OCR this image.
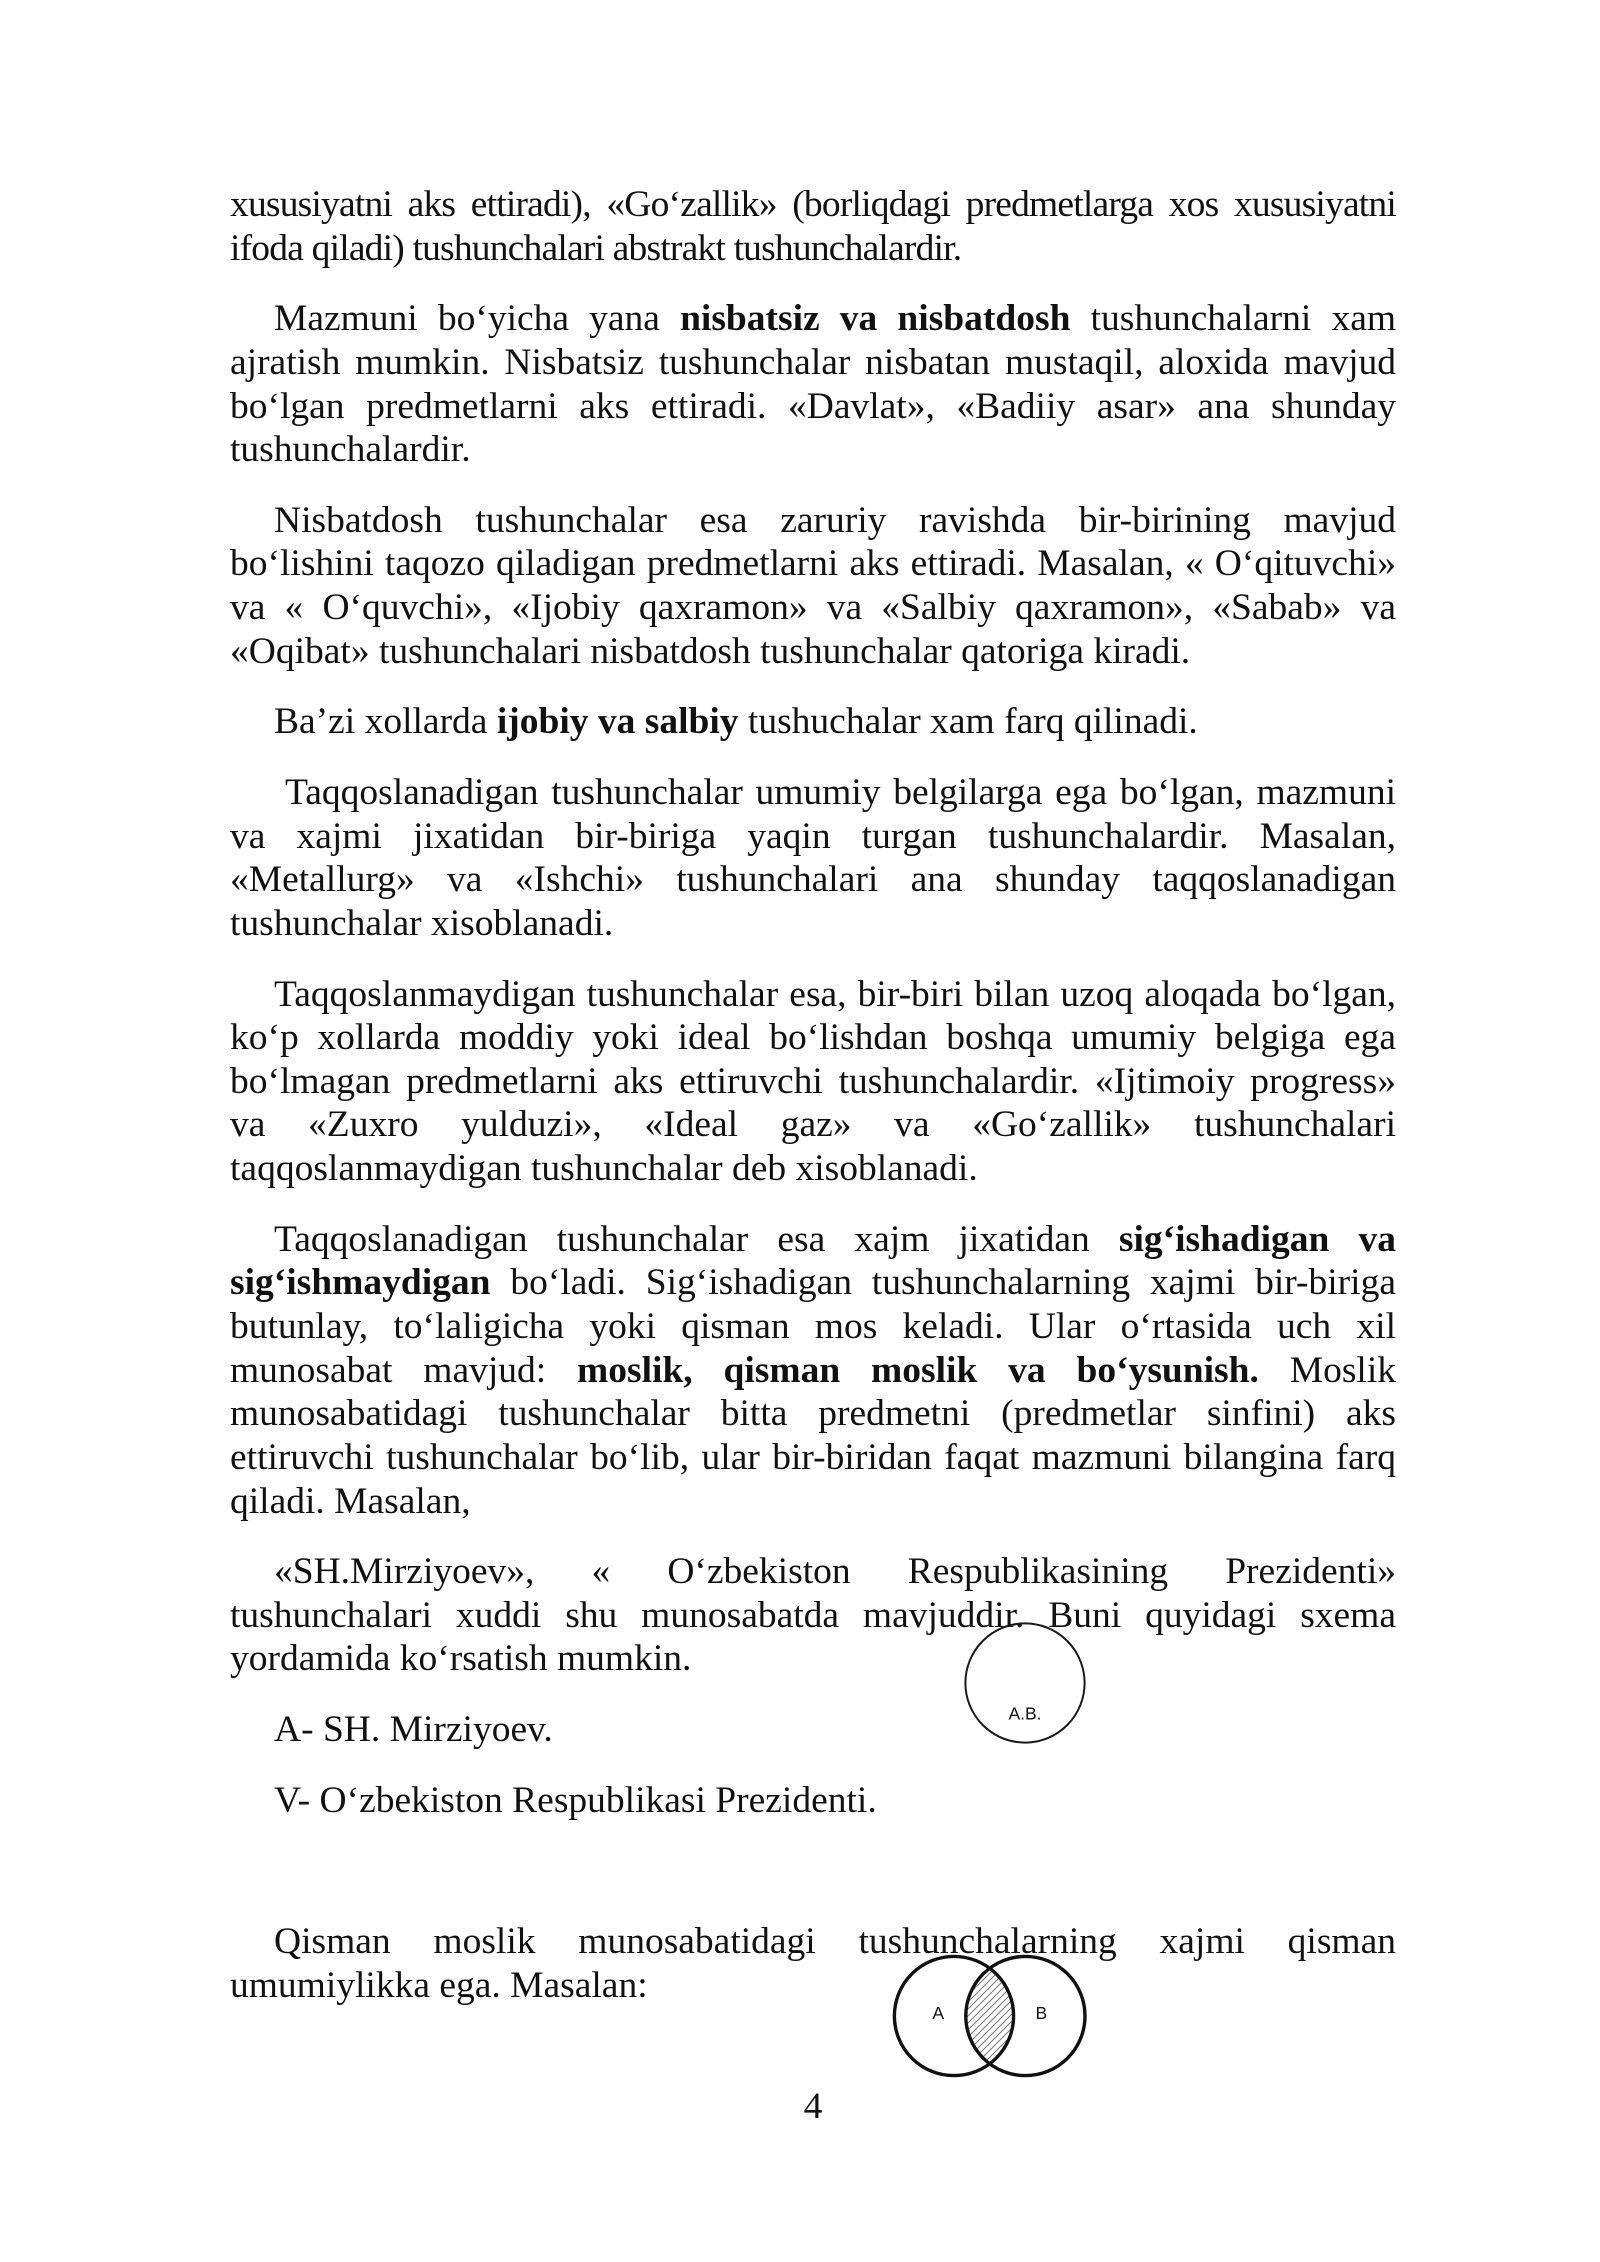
xususiyatni aks ettiradi), «Go‘zallik» (borliqdagi predmetlarga xos xususiyatni
ifoda qiladi) tushunchalari abstrakt tushunchalardir.
Mazmuni bo‘yicha yana nisbatsiz va nisbatdosh tushunchalarni xam
ajratish mumkin. Nisbatsiz tushunchalar nisbatan mustaqil, aloxida mavjud
bo‘lgan predmetlarni aks ettiradi. «Davlat», «Badiiy asar» ana shunday
tushunchalardir.
Nisbatdosh tushunchalar esa zaruriy ravishda bir-birining mavjud
bo‘lishini taqozo qiladigan predmetlarni aks ettiradi. Masalan, « O‘qituvchi»
va « O‘quvchi», «Ijobiy qaxramon» va «Salbiy qaxramon», «Sabab» va
«Oqibat» tushunchalari nisbatdosh tushunchalar qatoriga kiradi.
Ba’zi xollarda ijobiy va salbiy tushuchalar xam farq qilinadi.
Taqqoslanadigan tushunchalar umumiy belgilarga ega bo‘lgan, mazmuni
va xajmi jixatidan bir-biriga yaqin turgan tushunchalardir. Masalan,
«Metallurg» va «Ishchi» tushunchalari ana shunday taqqoslanadigan
tushunchalar xisoblanadi.
Taqqoslanmaydigan tushunchalar esa, bir-biri bilan uzoq aloqada bo‘lgan,
ko‘p xollarda moddiy yoki ideal bo‘lishdan boshqa umumiy belgiga ega
bo‘lmagan predmetlarni aks ettiruvchi tushunchalardir. «Ijtimoiy progress»
va «Zuxro yulduzi», «Ideal gaz» va «Go‘zallik» tushunchalari
taqqoslanmaydigan tushunchalar deb xisoblanadi.
Taqqoslanadigan tushunchalar esa xajm jixatidan sig‘ishadigan va
sig‘ishmaydigan bo‘ladi. Sig‘ishadigan tushunchalarning xajmi bir-biriga
butunlay, to‘laligicha yoki qisman mos keladi. Ular o‘rtasida uch xil
munosabat mavjud: moslik, qisman moslik va bo‘ysunish. Moslik
munosabatidagi tushunchalar bitta predmetni (predmetlar sinfini) aks
ettiruvchi tushunchalar bo‘lib, ular bir-biridan faqat mazmuni bilangina farq
qiladi. Masalan,
«SH.Mirziyoev», « O‘zbekiston Respublikasining Prezidenti»
tushunchalari xuddi shu munosabatda mavjuddir. Buni quyidagi sxema
yordamida ko‘rsatish mumkin.
A- SH. Mirziyoev.
V- O‘zbekiston Respublikasi Prezidenti.
Qisman moslik munosabatidagi tushunchalarning xajmi qisman
umumiylikka ega. Masalan:
A.B.
A	B
4
